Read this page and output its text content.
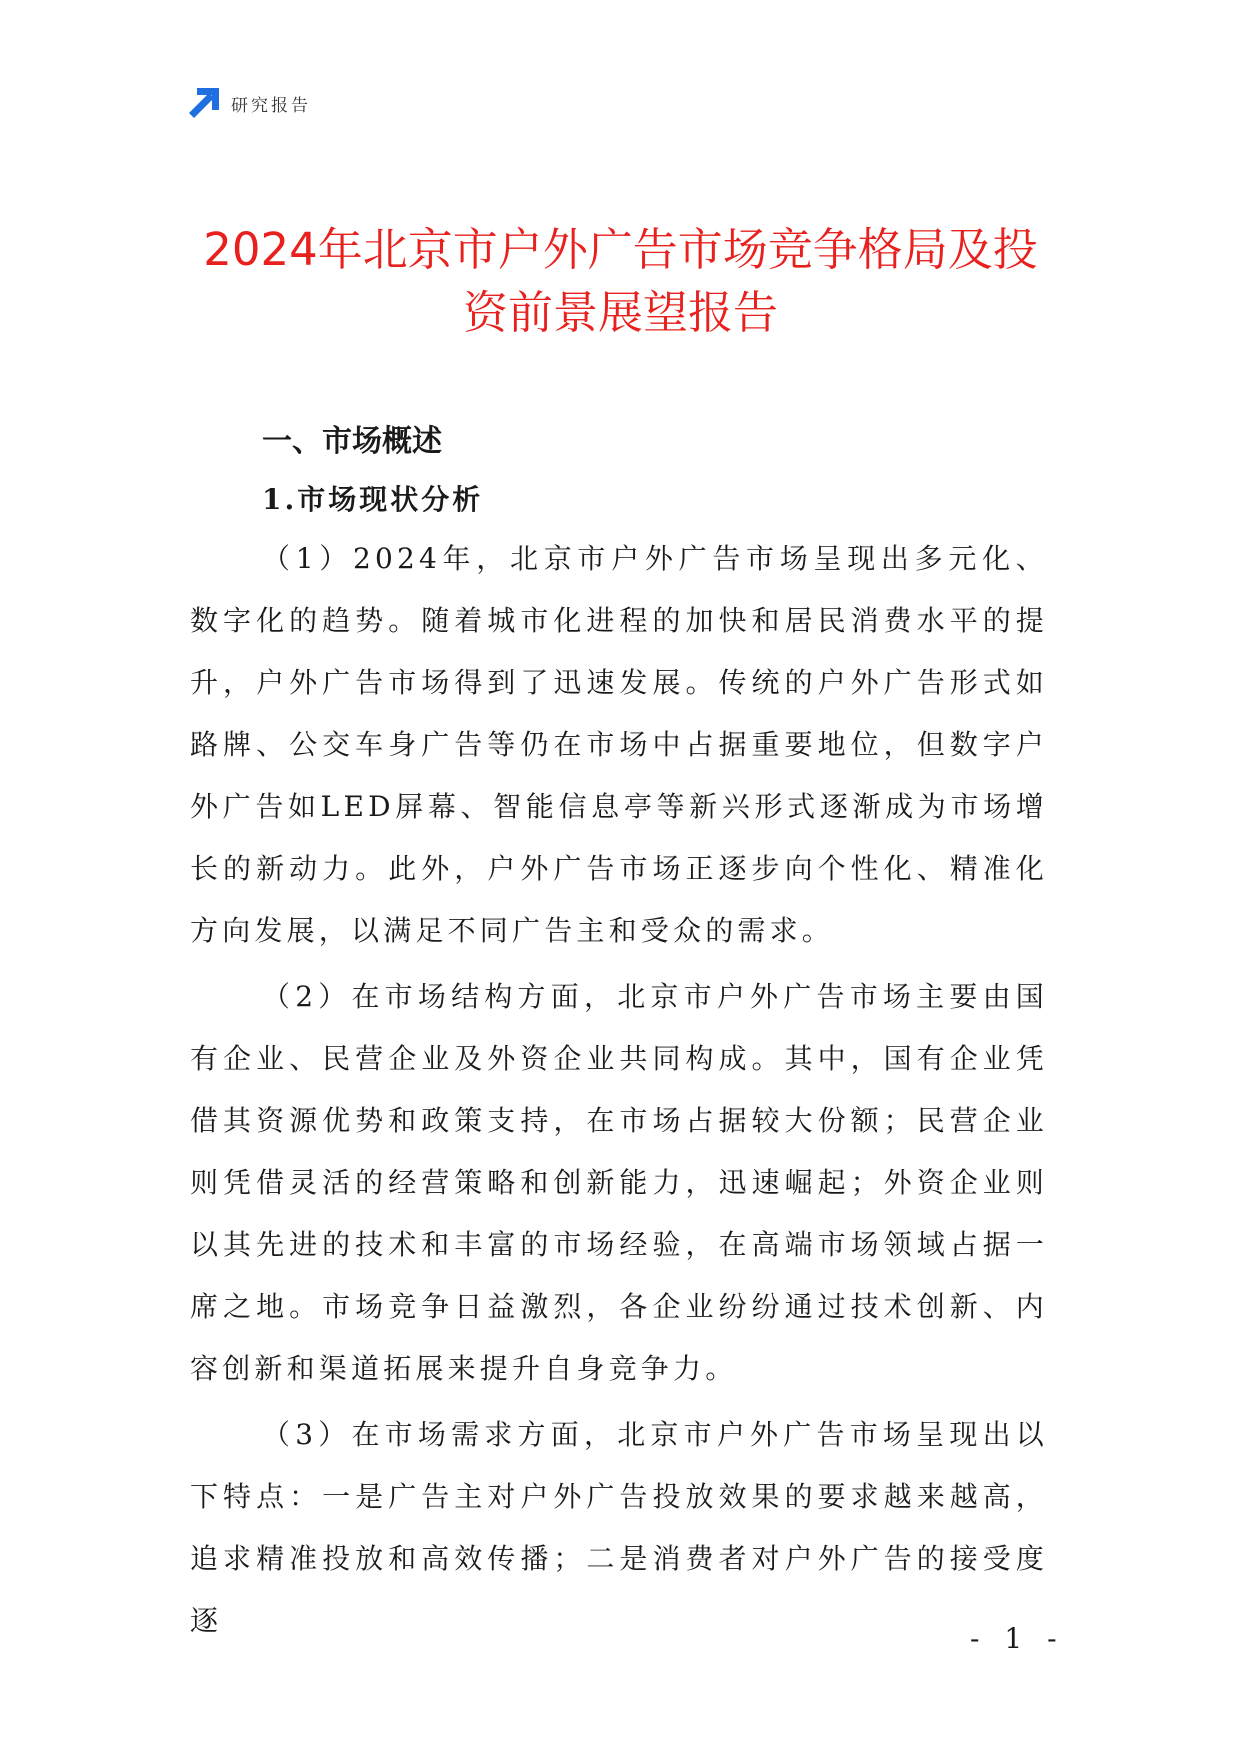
研究报告
2024年北京市户外广告市场竞争格局及投
资前景展望报告
一、市场概述
1.市场现状分析

（1）2024年，北京市户外广告市场呈现出多元化、数字化的趋势。随着城市化进程的加快和居民消费水平的提升，户外广告市场得到了迅速发展。传统的户外广告形式如路牌、公交车身广告等仍在市场中占据重要地位，但数字户外广告如LED屏幕、智能信息亭等新兴形式逐渐成为市场增长的新动力。此外，户外广告市场正逐步向个性化、精准化方向发展，以满足不同广告主和受众的需求。

（2）在市场结构方面，北京市户外广告市场主要由国有企业、民营企业及外资企业共同构成。其中，国有企业凭借其资源优势和政策支持，在市场占据较大份额；民营企业则凭借灵活的经营策略和创新能力，迅速崛起；外资企业则以其先进的技术和丰富的市场经验，在高端市场领域占据一席之地。市场竞争日益激烈，各企业纷纷通过技术创新、内容创新和渠道拓展来提升自身竞争力。

（3）在市场需求方面，北京市户外广告市场呈现出以下特点：一是广告主对户外广告投放效果的要求越来越高，追求精准投放和高效传播；二是消费者对户外广告的接受度逐

- 1 -
